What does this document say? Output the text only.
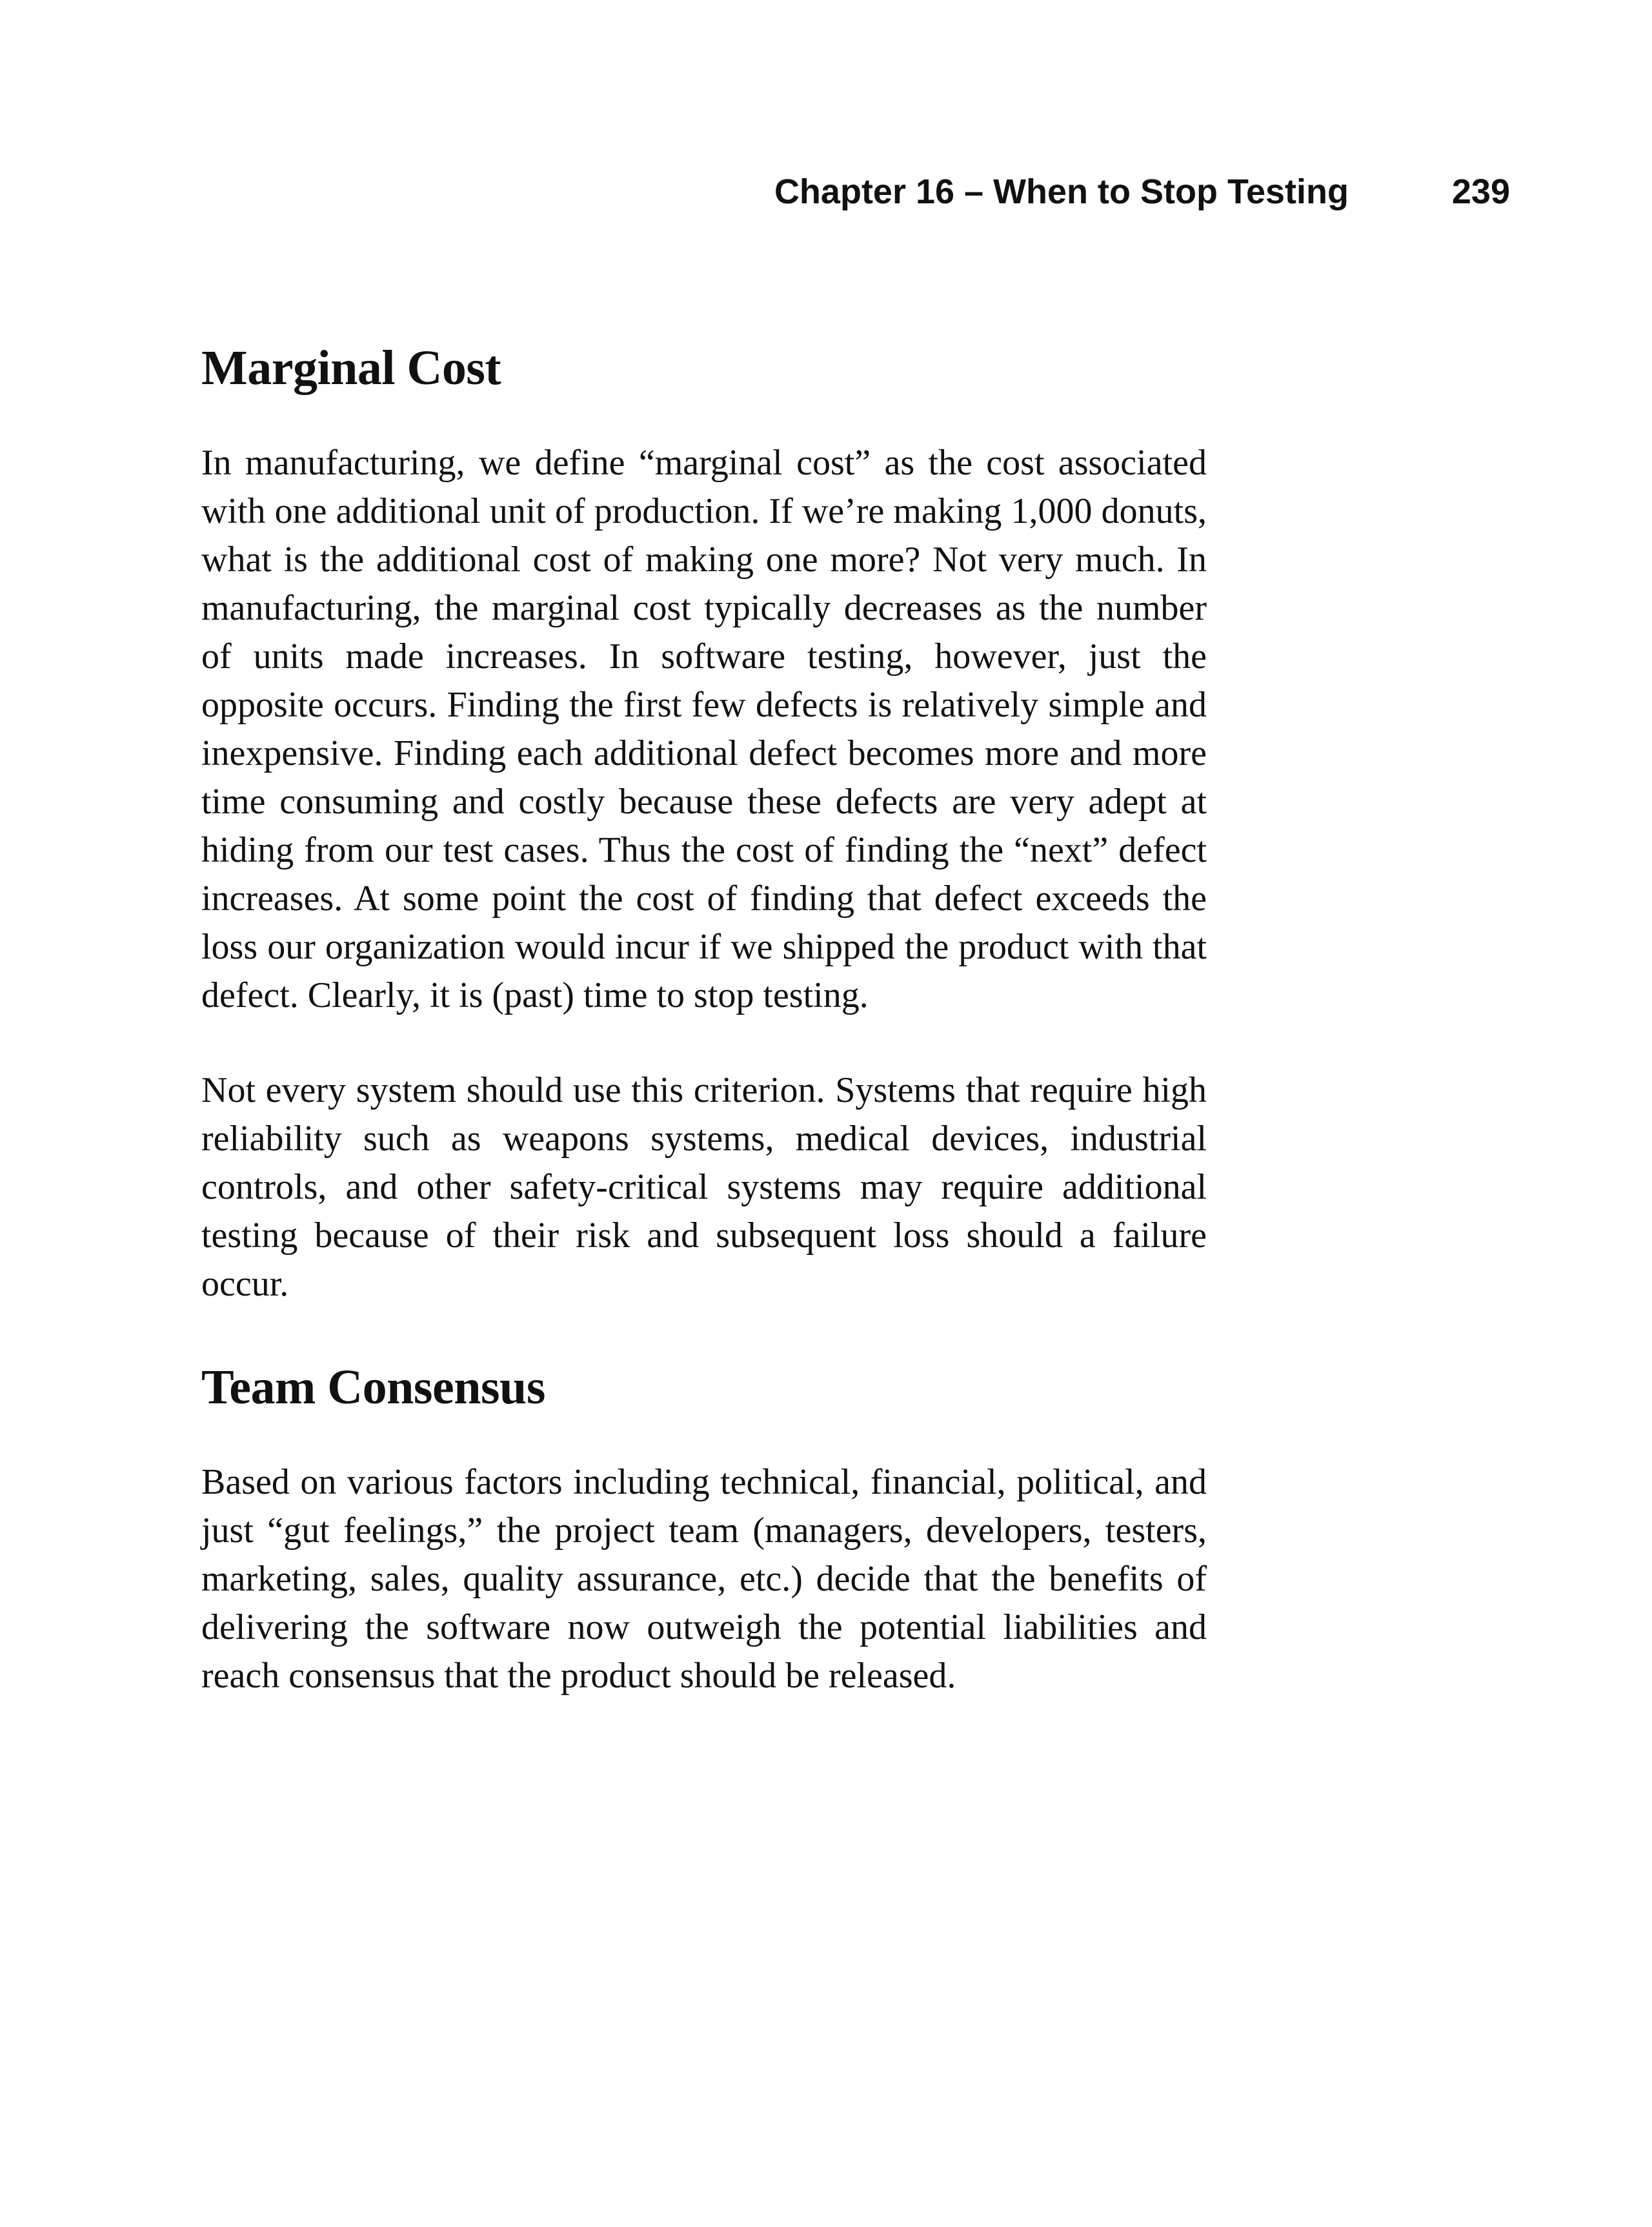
Chapter 16 – When to Stop Testing	239
Marginal Cost

In manufacturing, we define “marginal cost” as the cost associated with one additional unit of production. If we’re making 1,000 donuts, what is the additional cost of making one more? Not very much. In manufacturing, the marginal cost typically decreases as the number of units made increases. In software testing, however, just the opposite occurs. Finding the first few defects is relatively simple and inexpensive. Finding each additional defect becomes more and more time consuming and costly because these defects are very adept at hiding from our test cases. Thus the cost of finding the “next” defect increases. At some point the cost of finding that defect exceeds the loss our organization would incur if we shipped the product with that defect. Clearly, it is (past) time to stop testing.

Not every system should use this criterion. Systems that require high reliability such as weapons systems, medical devices, industrial controls, and other safety-critical systems may require additional testing because of their risk and subsequent loss should a failure occur.

Team Consensus

Based on various factors including technical, financial, political, and just “gut feelings,” the project team (managers, developers, testers, marketing, sales, quality assurance, etc.) decide that the benefits of delivering the software now outweigh the potential liabilities and reach consensus that the product should be released.
